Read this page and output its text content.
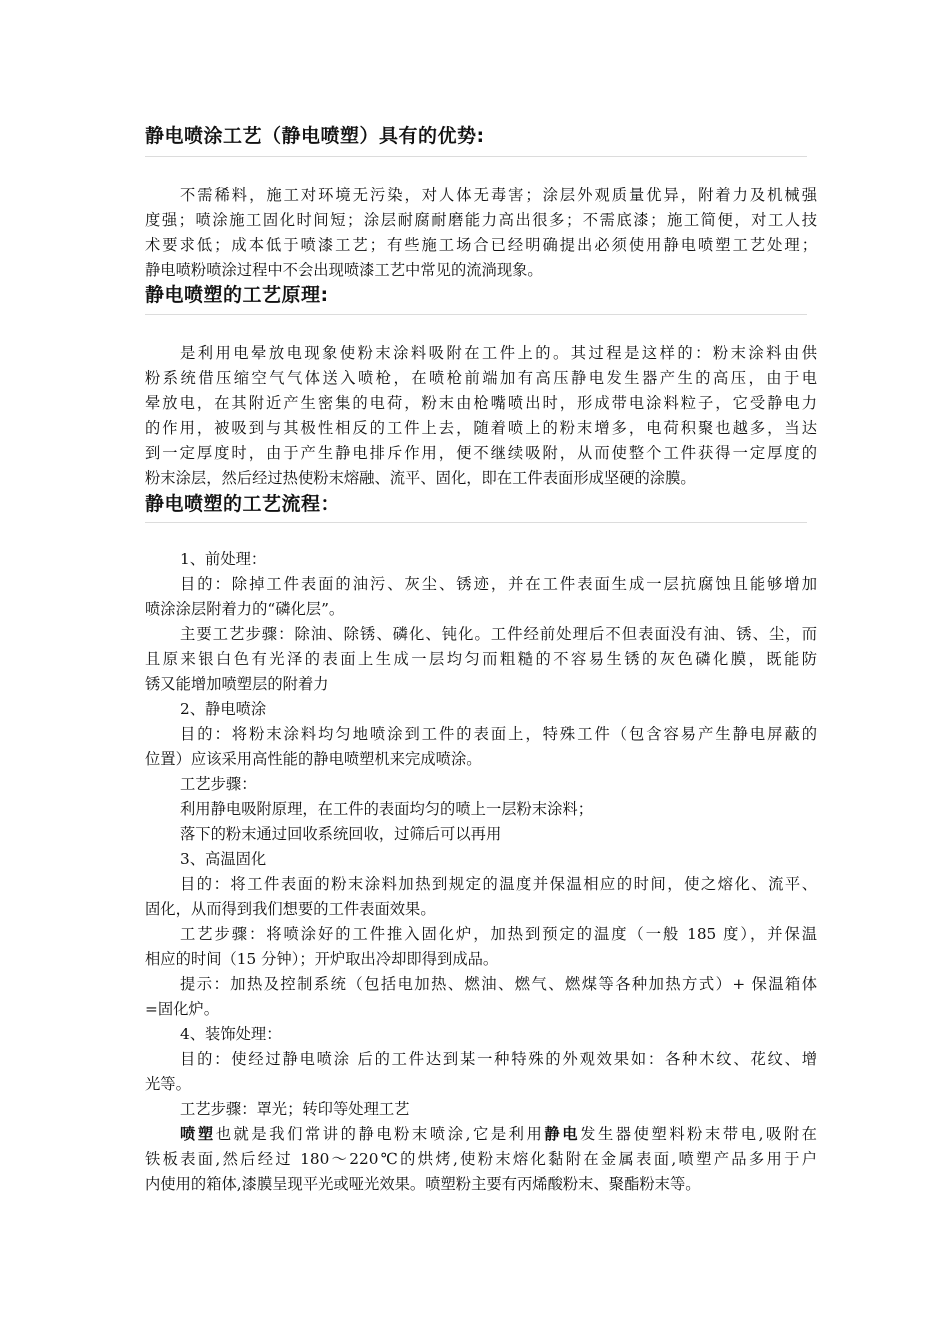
静电喷涂工艺（静电喷塑）具有的优势:
不需稀料，施工对环境无污染，对人体无毒害；涂层外观质量优异，附着力及机械强
度强；喷涂施工固化时间短；涂层耐腐耐磨能力高出很多；不需底漆；施工简便，对工人技
术要求低；成本低于喷漆工艺；有些施工场合已经明确提出必须使用静电喷塑工艺处理；
静电喷粉喷涂过程中不会出现喷漆工艺中常见的流淌现象。
静电喷塑的工艺原理:
是利用电晕放电现象使粉末涂料吸附在工件上的。其过程是这样的：粉末涂料由供
粉系统借压缩空气气体送入喷枪，在喷枪前端加有高压静电发生器产生的高压，由于电
晕放电，在其附近产生密集的电荷，粉末由枪嘴喷出时，形成带电涂料粒子，它受静电力
的作用，被吸到与其极性相反的工件上去，随着喷上的粉末增多，电荷积聚也越多，当达
到一定厚度时，由于产生静电排斥作用，便不继续吸附，从而使整个工件获得一定厚度的
粉末涂层，然后经过热使粉末熔融、流平、固化，即在工件表面形成坚硬的涂膜。
静电喷塑的工艺流程：
1、前处理：
目的：除掉工件表面的油污、灰尘、锈迹，并在工件表面生成一层抗腐蚀且能够增加
喷涂涂层附着力的“磷化层”。
主要工艺步骤：除油、除锈、磷化、钝化。工件经前处理后不但表面没有油、锈、尘，而
且原来银白色有光泽的表面上生成一层均匀而粗糙的不容易生锈的灰色磷化膜，既能防
锈又能增加喷塑层的附着力
2、静电喷涂
目的：将粉末涂料均匀地喷涂到工件的表面上，特殊工件（包含容易产生静电屏蔽的
位置）应该采用高性能的静电喷塑机来完成喷涂。
工艺步骤：
利用静电吸附原理，在工件的表面均匀的喷上一层粉末涂料；
落下的粉末通过回收系统回收，过筛后可以再用
3、高温固化
目的：将工件表面的粉末涂料加热到规定的温度并保温相应的时间，使之熔化、流平、
固化，从而得到我们想要的工件表面效果。
工艺步骤：将喷涂好的工件推入固化炉，加热到预定的温度（一般 185 度），并保温
相应的时间（15 分钟）；开炉取出冷却即得到成品。
提示：加热及控制系统（包括电加热、燃油、燃气、燃煤等各种加热方式）+ 保温箱体
=固化炉。
4、装饰处理：
目的：使经过静电喷涂 后的工件达到某一种特殊的外观效果如：各种木纹、花纹、增
光等。
工艺步骤：罩光；转印等处理工艺
喷塑也就是我们常讲的静电粉末喷涂,它是利用静电发生器使塑料粉末带电,吸附在
铁板表面,然后经过 180～220℃的烘烤,使粉末熔化黏附在金属表面,喷塑产品多用于户
内使用的箱体,漆膜呈现平光或哑光效果。喷塑粉主要有丙烯酸粉末、聚酯粉末等。
